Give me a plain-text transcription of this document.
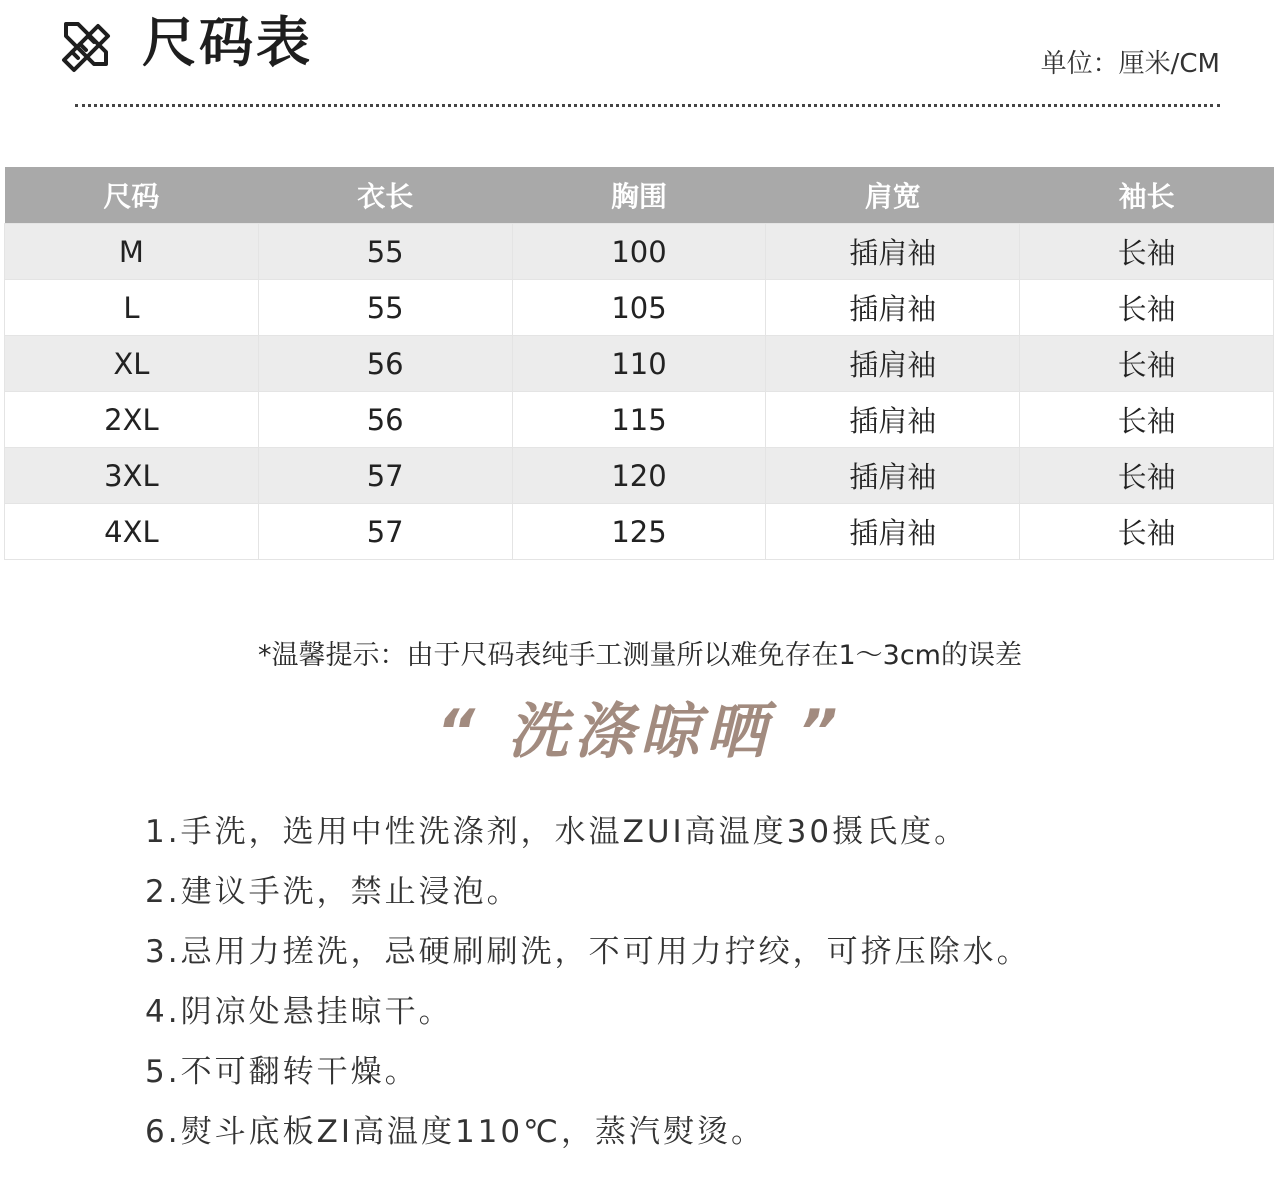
尺码表	单位：厘米/CM
尺码	衣长	胸围	肩宽	袖长
M	55	100	插肩袖	长袖
L	55	105	插肩袖	长袖
XL	56	110	插肩袖	长袖
2XL	56	115	插肩袖	长袖
3XL	57	120	插肩袖	长袖
4XL	57	125	插肩袖	长袖
*温馨提示：由于尺码表纯手工测量所以难免存在1～3cm的误差
“ 洗涤晾晒 ”
1.手洗，选用中性洗涤剂，水温ZUI高温度30摄氏度。
2.建议手洗，禁止浸泡。
3.忌用力搓洗，忌硬刷刷洗，不可用力拧绞，可挤压除水。
4.阴凉处悬挂晾干。
5.不可翻转干燥。
6.熨斗底板ZI高温度110℃，蒸汽熨烫。
